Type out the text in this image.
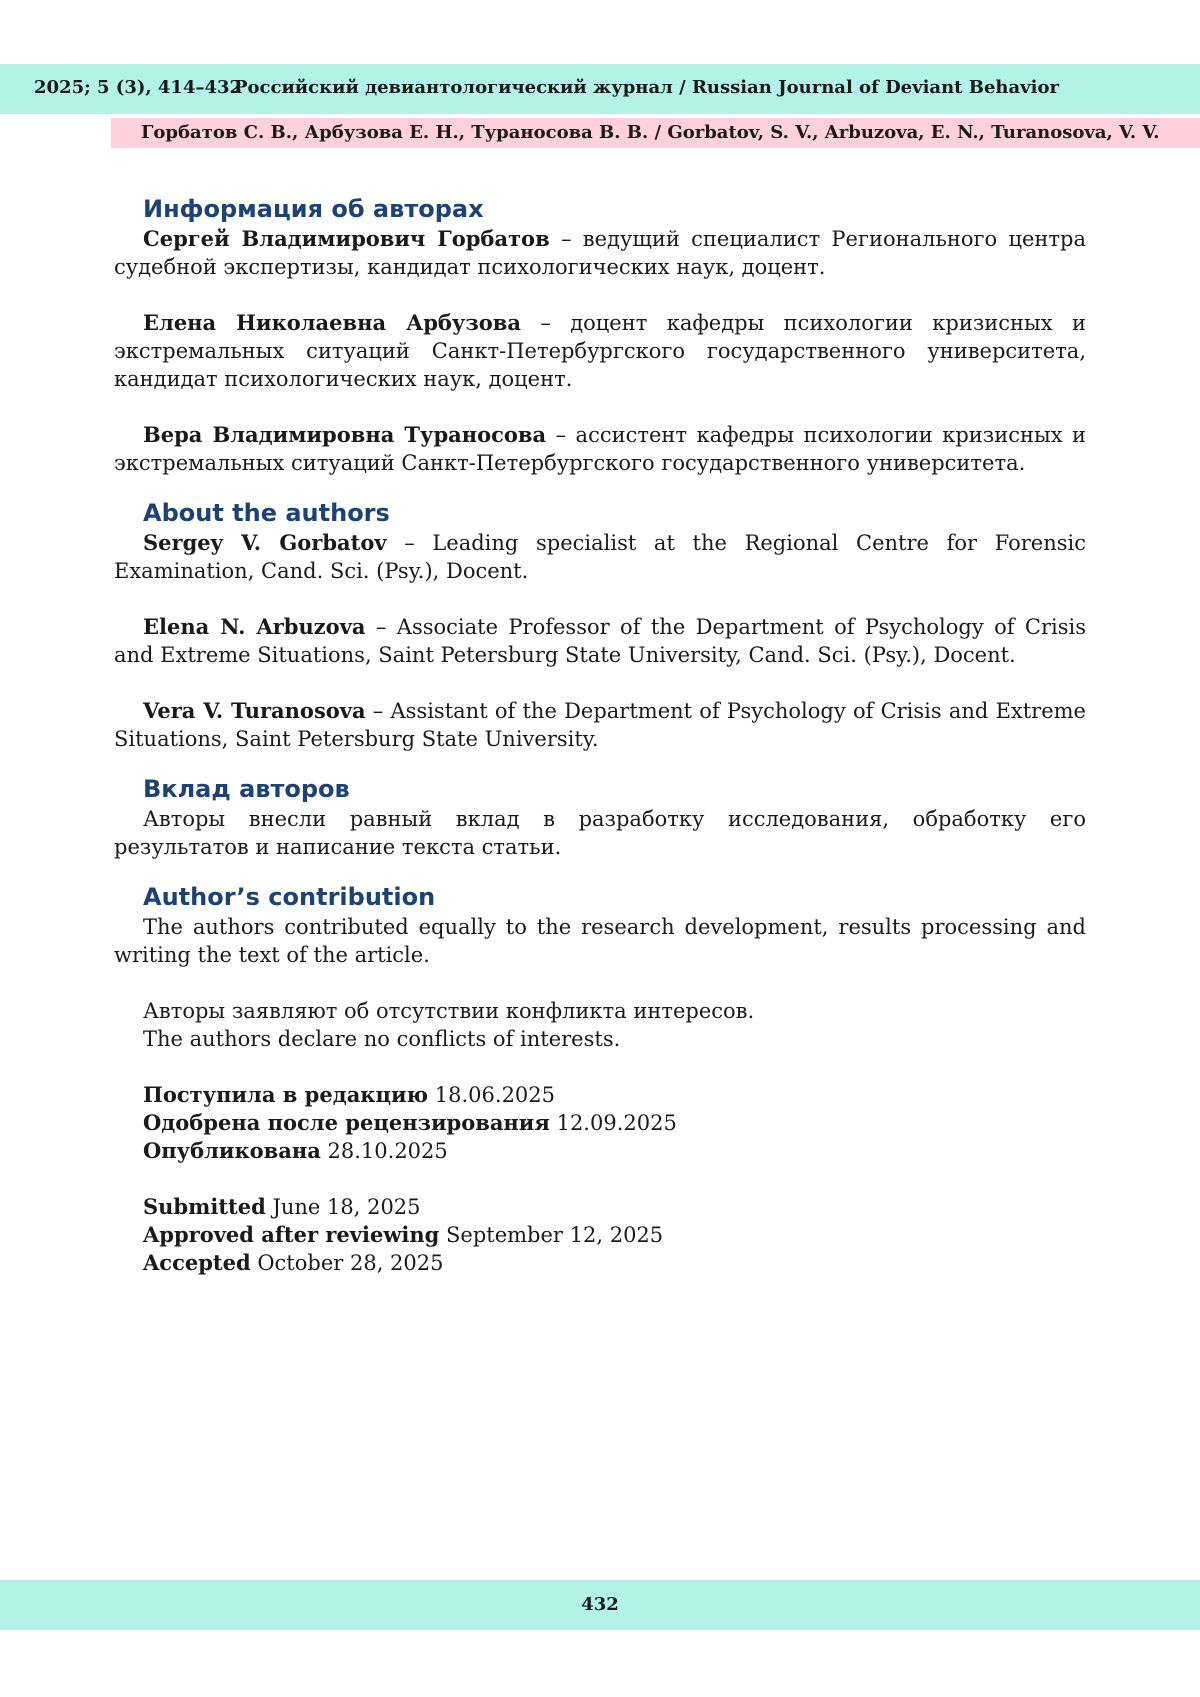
2025; 5 (3), 414–432
Российский девиантологический журнал / Russian Journal of Deviant Behavior
Горбатов С. В., Арбузова Е. Н., Тураносова В. В. / Gorbatov, S. V., Arbuzova, E. N., Turanosova, V. V.
Информация об авторах

Сергей Владимирович Горбатов – ведущий специалист Регионального центра судебной экспертизы, кандидат психологических наук, доцент.

Елена Николаевна Арбузова – доцент кафедры психологии кризисных и экстремальных ситуаций Санкт-Петербургского государственного университета, кандидат психологических наук, доцент.

Вера Владимировна Тураносова – ассистент кафедры психологии кризисных и экстремальных ситуаций Санкт-Петербургского государственного университета.

About the authors

Sergey V. Gorbatov – Leading specialist at the Regional Centre for Forensic Examination, Cand. Sci. (Psy.), Docent.

Elena N. Arbuzova – Associate Professor of the Department of Psychology of Crisis and Extreme Situations, Saint Petersburg State University, Cand. Sci. (Psy.), Docent.

Vera V. Turanosova – Assistant of the Department of Psychology of Crisis and Extreme Situations, Saint Petersburg State University.

Вклад авторов

Авторы внесли равный вклад в разработку исследования, обработку его результатов и написание текста статьи.

Author’s contribution

The authors contributed equally to the research development, results processing and writing the text of the article.

Авторы заявляют об отсутствии конфликта интересов.

The authors declare no conflicts of interests.

Поступила в редакцию 18.06.2025

Одобрена после рецензирования 12.09.2025

Опубликована 28.10.2025

Submitted June 18, 2025

Approved after reviewing September 12, 2025

Accepted October 28, 2025

432
